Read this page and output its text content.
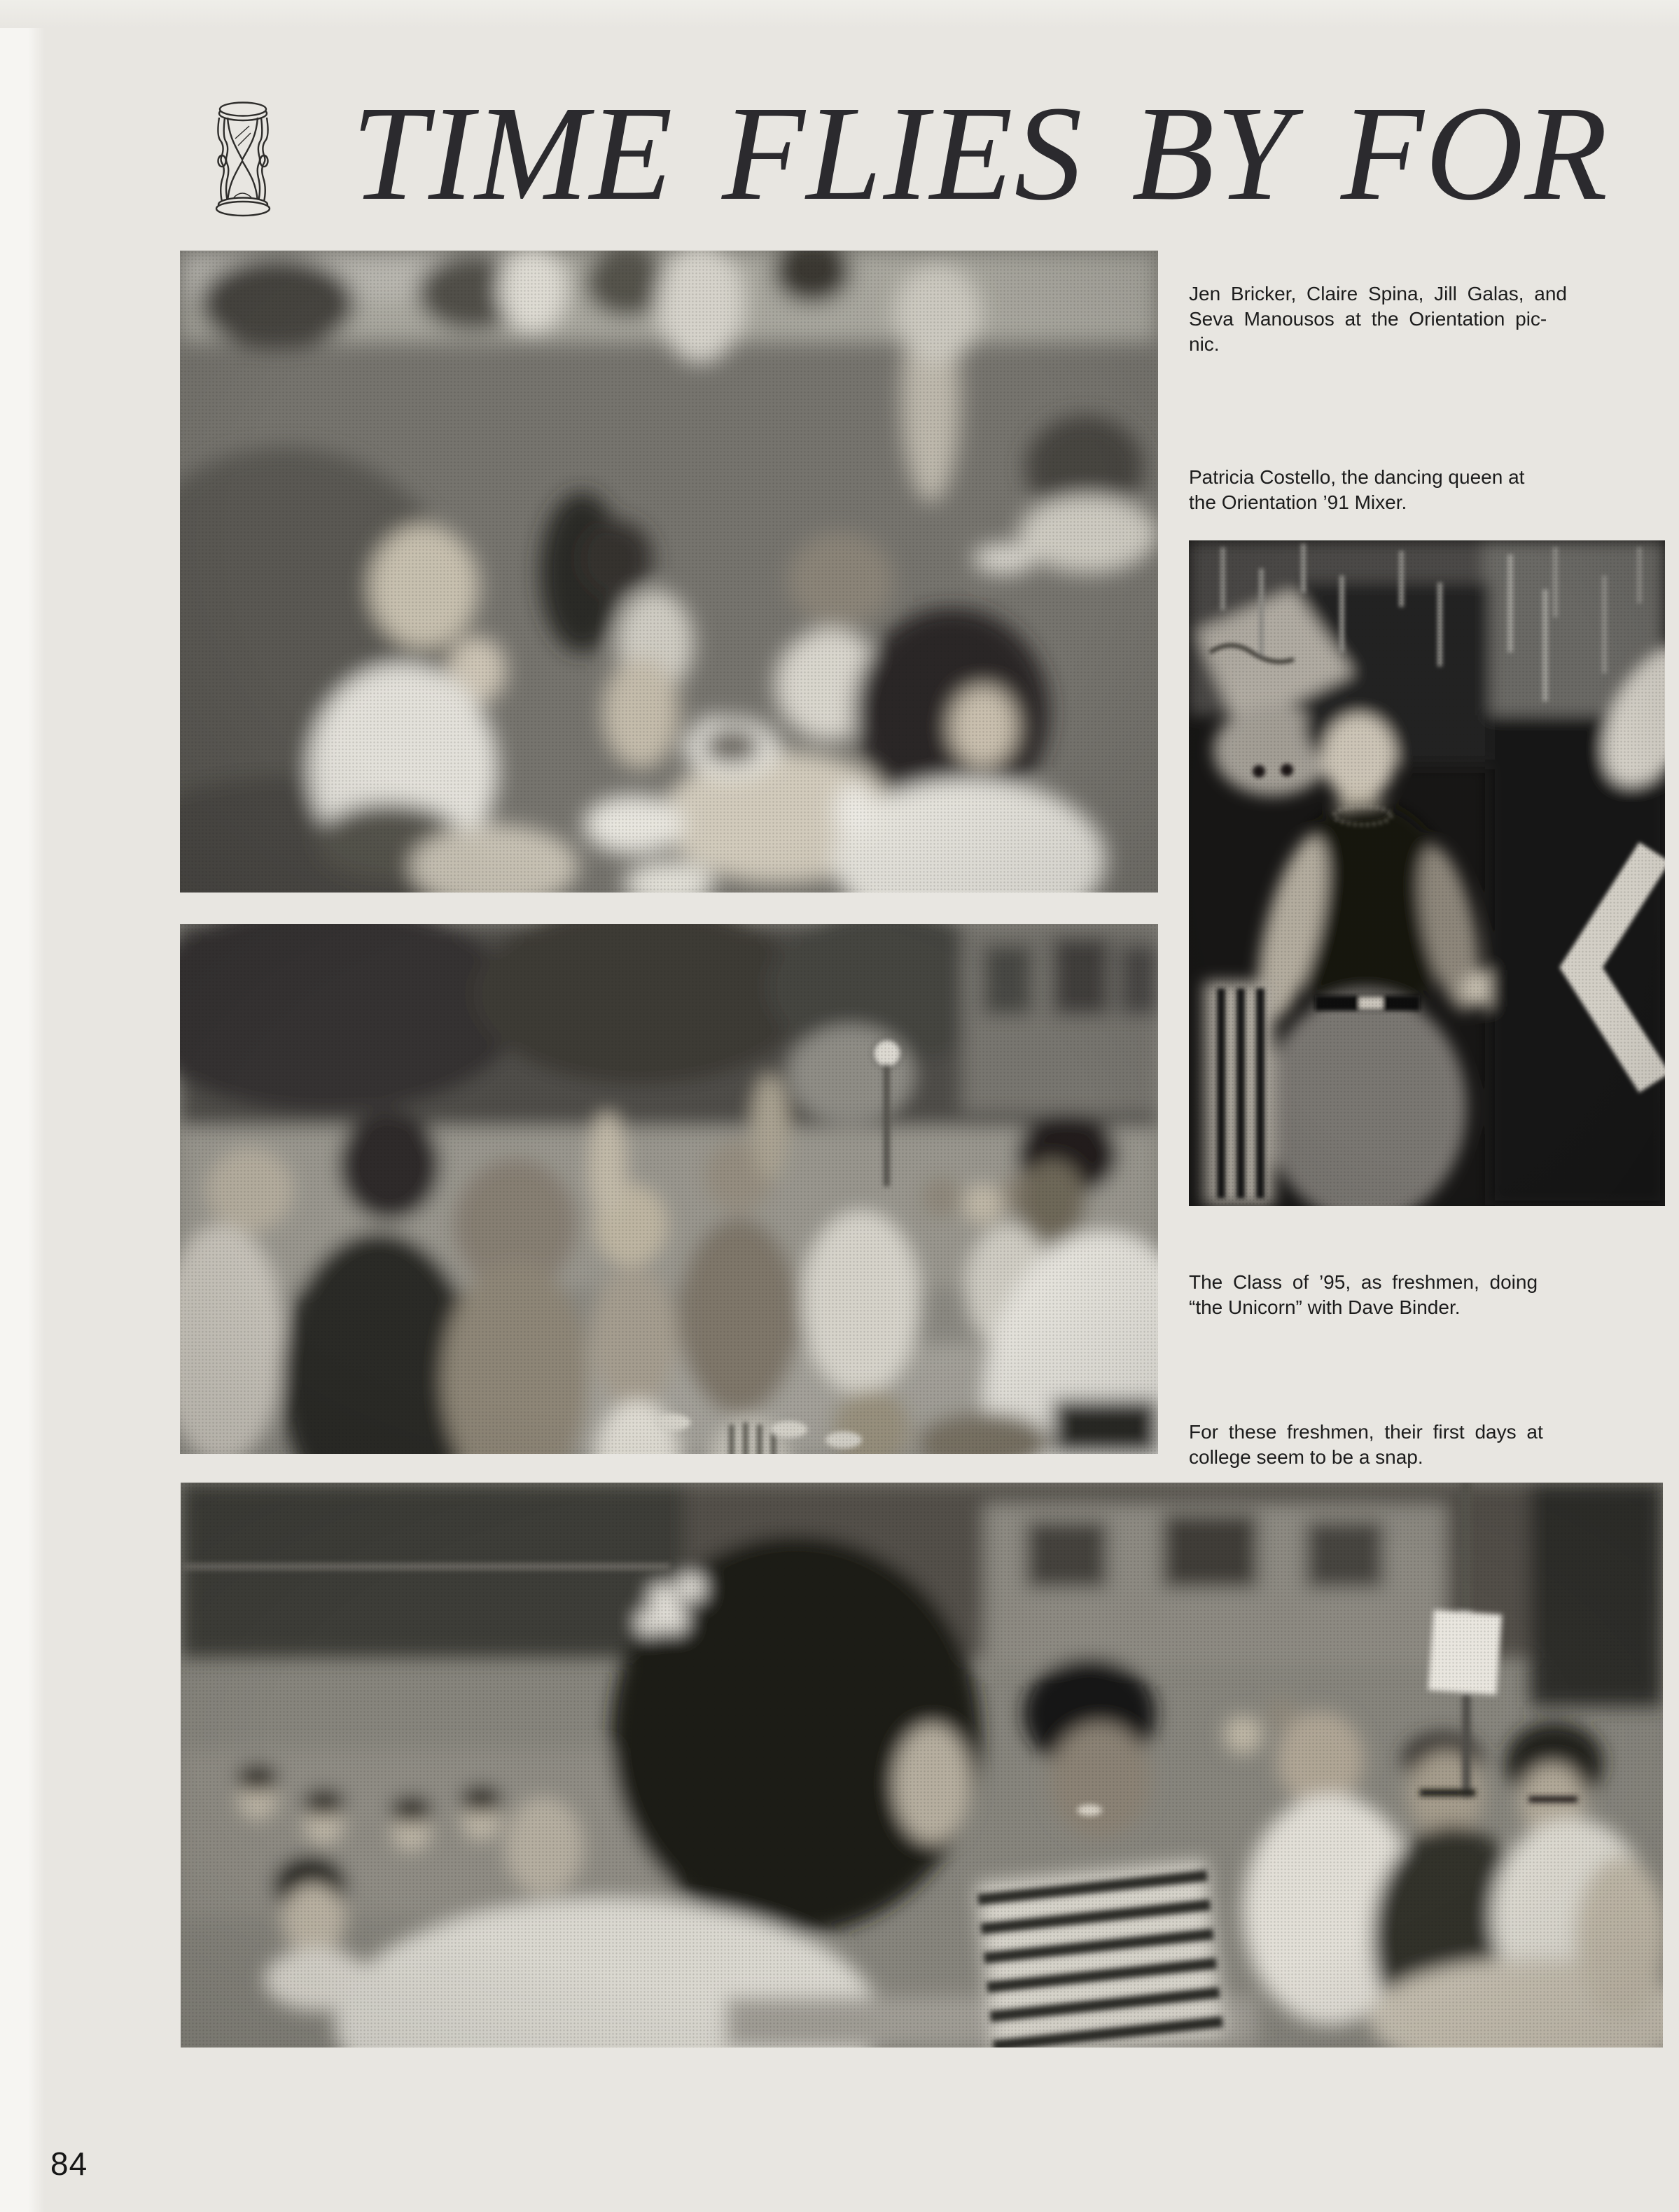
TIME FLIES BY FOR
Jen Bricker, Claire Spina, Jill Galas, and
Seva Manousos at the Orientation pic-
nic.
Patricia Costello, the dancing queen at
the Orientation ’91 Mixer.
The Class of ’95, as freshmen, doing
“the Unicorn” with Dave Binder.
For these freshmen, their first days at
college seem to be a snap.
84
